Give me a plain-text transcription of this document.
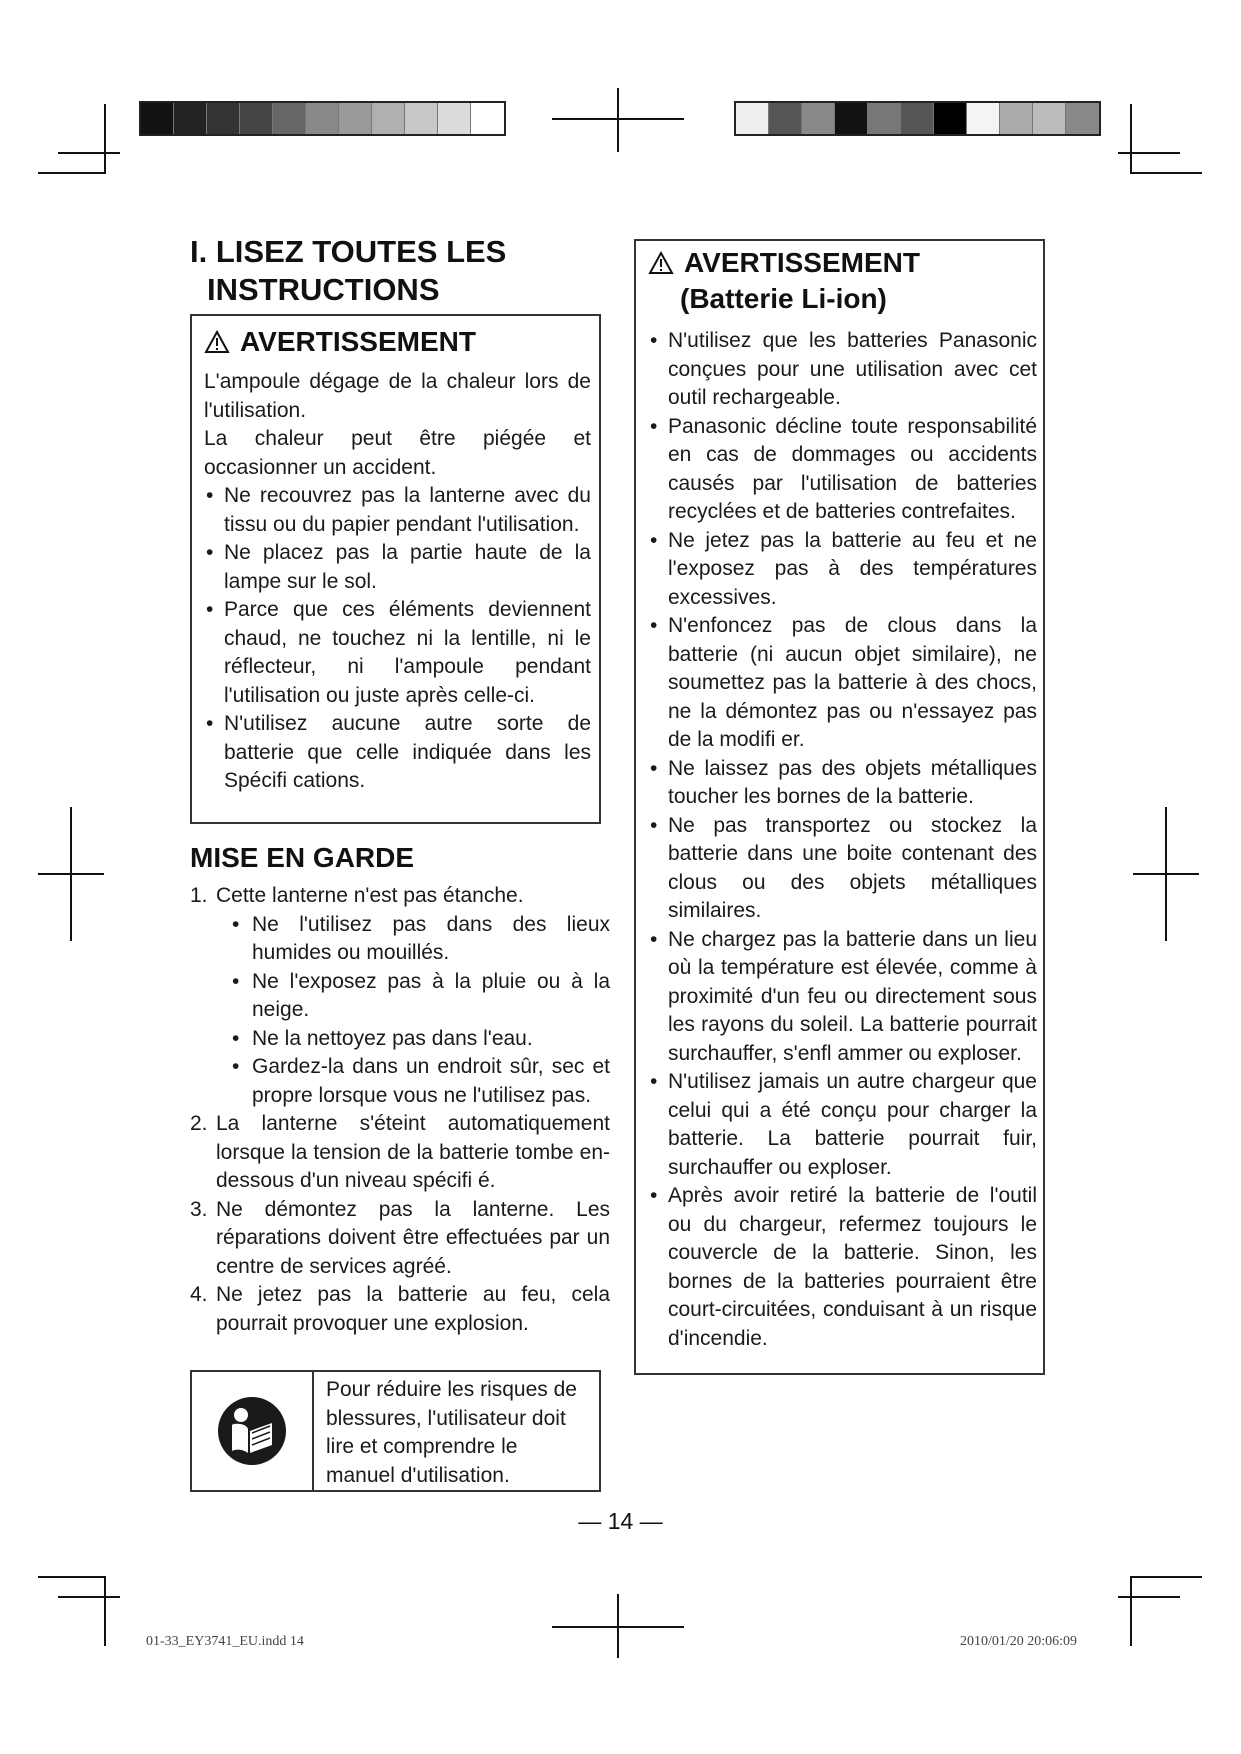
I. LISEZ TOUTES LES
INSTRUCTIONS
AVERTISSEMENT

L'ampoule dégage de la chaleur lors de l'utilisation.

La chaleur peut être piégée et occasionner un accident.

• Ne recouvrez pas la lanterne avec du tissu ou du papier pendant l'utilisation.
• Ne placez pas la partie haute de la lampe sur le sol.
• Parce que ces éléments deviennent chaud, ne touchez ni la lentille, ni le réflecteur, ni l'ampoule pendant l'utilisation ou juste après celle-ci.
• N'utilisez aucune autre sorte de batterie que celle indiquée dans les Spécifi cations.
MISE EN GARDE
1. Cette lanterne n'est pas étanche.
• Ne l'utilisez pas dans des lieux humides ou mouillés.
• Ne l'exposez pas à la pluie ou à la neige.
• Ne la nettoyez pas dans l'eau.
• Gardez-la dans un endroit sûr, sec et propre lorsque vous ne l'utilisez pas.
2. La lanterne s'éteint automatiquement lorsque la tension de la batterie tombe en-dessous d'un niveau spécifi é.
3. Ne démontez pas la lanterne. Les réparations doivent être effectuées par un centre de services agréé.
4. Ne jetez pas la batterie au feu, cela pourrait provoquer une explosion.
Pour réduire les risques de blessures, l'utilisateur doit lire et comprendre le manuel d'utilisation.
AVERTISSEMENT
(Batterie Li-ion)
• N'utilisez que les batteries Panasonic conçues pour une utilisation avec cet outil rechargeable.
• Panasonic décline toute responsabilité en cas de dommages ou accidents causés par l'utilisation de batteries recyclées et de batteries contrefaites.
• Ne jetez pas la batterie au feu et ne l'exposez pas à des températures excessives.
• N'enfoncez pas de clous dans la batterie (ni aucun objet similaire), ne soumettez pas la batterie à des chocs, ne la démontez pas ou n'essayez pas de la modifi er.
• Ne laissez pas des objets métalliques toucher les bornes de la batterie.
• Ne pas transportez ou stockez la batterie dans une boite contenant des clous ou des objets métalliques similaires.
• Ne chargez pas la batterie dans un lieu où la température est élevée, comme à proximité d'un feu ou directement sous les rayons du soleil. La batterie pourrait surchauffer, s'enfl ammer ou exploser.
• N'utilisez jamais un autre chargeur que celui qui a été conçu pour charger la batterie. La batterie pourrait fuir, surchauffer ou exploser.
• Après avoir retiré la batterie de l'outil ou du chargeur, refermez toujours le couvercle de la batterie. Sinon, les bornes de la batteries pourraient être court-circuitées, conduisant à un risque d'incendie.
— 14 —
01-33_EY3741_EU.indd 14	2010/01/20 20:06:09
